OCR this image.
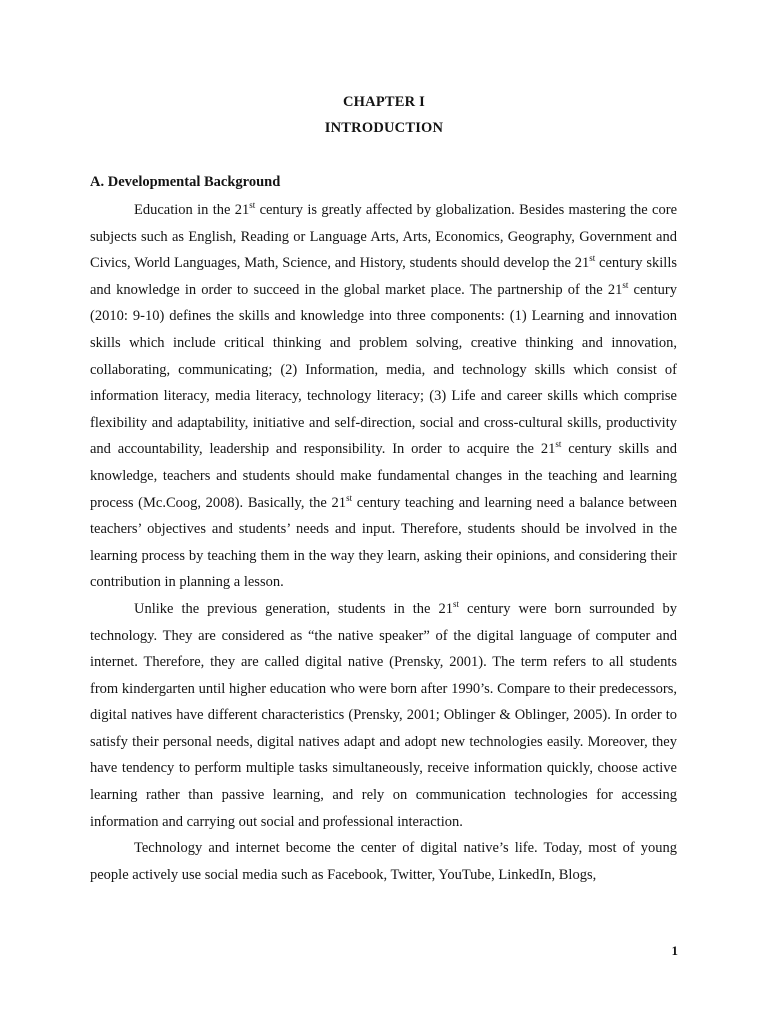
CHAPTER I
INTRODUCTION
A. Developmental Background

Education in the 21st century is greatly affected by globalization. Besides mastering the core subjects such as English, Reading or Language Arts, Arts, Economics, Geography, Government and Civics, World Languages, Math, Science, and History, students should develop the 21st century skills and knowledge in order to succeed in the global market place. The partnership of the 21st century (2010: 9-10) defines the skills and knowledge into three components: (1) Learning and innovation skills which include critical thinking and problem solving, creative thinking and innovation, collaborating, communicating; (2) Information, media, and technology skills which consist of information literacy, media literacy, technology literacy; (3) Life and career skills which comprise flexibility and adaptability, initiative and self-direction, social and cross-cultural skills, productivity and accountability, leadership and responsibility. In order to acquire the 21st century skills and knowledge, teachers and students should make fundamental changes in the teaching and learning process (Mc.Coog, 2008). Basically, the 21st century teaching and learning need a balance between teachers’ objectives and students’ needs and input. Therefore, students should be involved in the learning process by teaching them in the way they learn, asking their opinions, and considering their contribution in planning a lesson.

Unlike the previous generation, students in the 21st century were born surrounded by technology. They are considered as “the native speaker” of the digital language of computer and internet. Therefore, they are called digital native (Prensky, 2001). The term refers to all students from kindergarten until higher education who were born after 1990’s. Compare to their predecessors, digital natives have different characteristics (Prensky, 2001; Oblinger & Oblinger, 2005). In order to satisfy their personal needs, digital natives adapt and adopt new technologies easily. Moreover, they have tendency to perform multiple tasks simultaneously, receive information quickly, choose active learning rather than passive learning, and rely on communication technologies for accessing information and carrying out social and professional interaction.

Technology and internet become the center of digital native’s life. Today, most of young people actively use social media such as Facebook, Twitter, YouTube, LinkedIn, Blogs,

1
